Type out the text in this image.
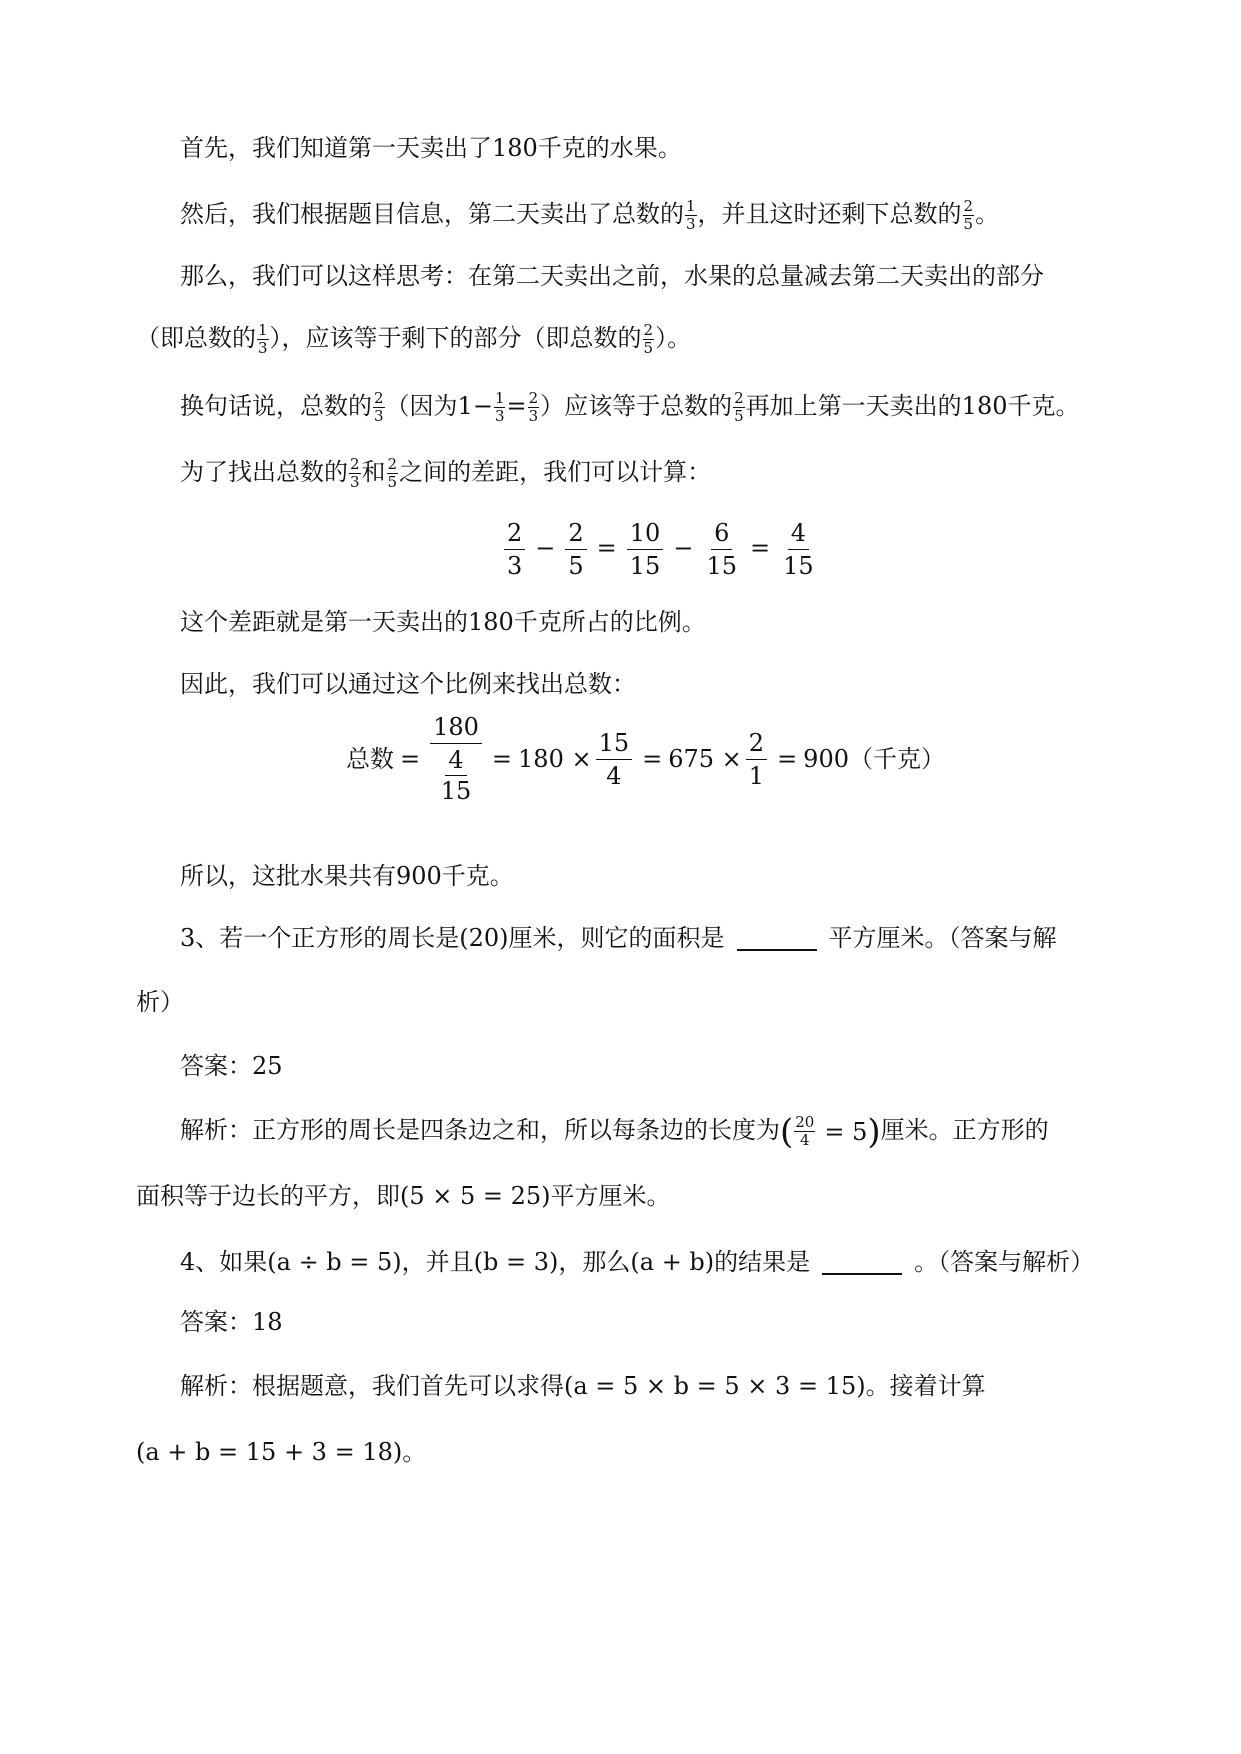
首先，我们知道第一天卖出了180千克的水果。
然后，我们根据题目信息，第二天卖出了总数的 $\frac{1}{3}$ ，并且这时还剩下总数的 $\frac{2}{5}$ 。
那么，我们可以这样思考：在第二天卖出之前，水果的总量减去第二天卖出的部分
（即总数的 $\frac{1}{3}$ ），应该等于剩下的部分（即总数的 $\frac{2}{5}$ ）。
换句话说，总数的 $\frac{2}{3}$ （因为$1- \frac{1}{3} = \frac{2}{3}$ ）应该等于总数的 $\frac{2}{5}$ 再加上第一天卖出的180千克。
为了找出总数的 $\frac{2}{3}$ 和 $\frac{2}{5}$ 之间的差距，我们可以计算：
$\frac{2}{3} - \frac{2}{5} = \frac{10}{15} - \frac{6}{15} = \frac{4}{15}$
这个差距就是第一天卖出的180千克所占的比例。
因此，我们可以通过这个比例来找出总数：
总数 = $\frac{180}{\frac{4}{15}} = 180 \times \frac{15}{4} = 675 \times \frac{2}{1} = 900$（千克）
所以，这批水果共有900千克。
3、若一个正方形的周长是(20)厘米，则它的面积是	平方厘米。（答案与解
析）
答案：25
解析：正方形的周长是四条边之和，所以每条边的长度为 ( $\frac{20}{4} = 5$ ) 厘米。正方形的
面积等于边长的平方，即(5 × 5 = 25)平方厘米。
4、如果(a ÷ b = 5)，并且(b = 3)，那么(a + b)的结果是	。（答案与解析）
答案：18
解析：根据题意，我们首先可以求得(a = 5 × b = 5 × 3 = 15)。接着计算
(a + b = 15 + 3 = 18)。
